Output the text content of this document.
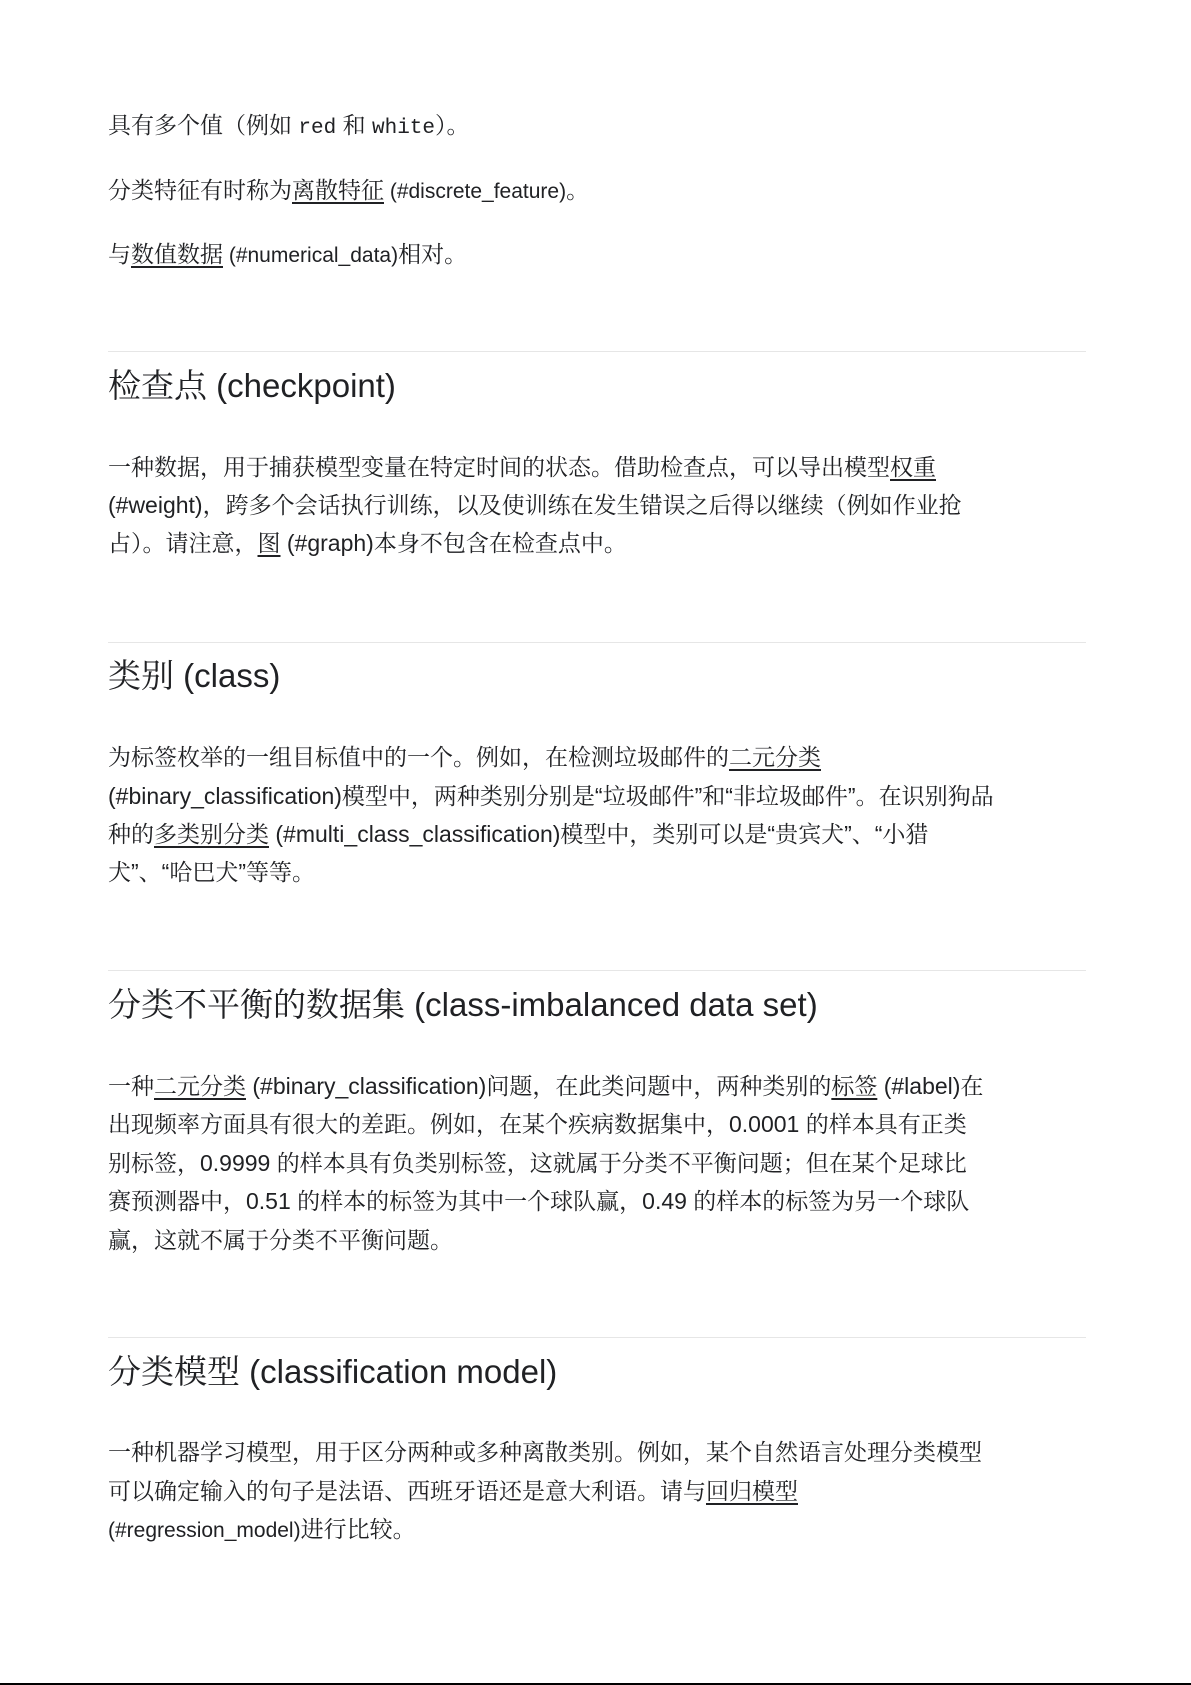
具有多个值（例如 red 和 white）。

分类特征有时称为离散特征 (#discrete_feature)。

与数值数据 (#numerical_data)相对。

检查点 (checkpoint)

一种数据，用于捕获模型变量在特定时间的状态。借助检查点，可以导出模型权重

(#weight)，跨多个会话执行训练，以及使训练在发生错误之后得以继续（例如作业抢

占）。请注意，图 (#graph)本身不包含在检查点中。

类别 (class)

为标签枚举的一组目标值中的一个。例如，在检测垃圾邮件的二元分类

(#binary_classification)模型中，两种类别分别是“垃圾邮件”和“非垃圾邮件”。在识别狗品

种的多类别分类 (#multi_class_classification)模型中，类别可以是“贵宾犬”、“小猎

犬”、“哈巴犬”等等。

分类不平衡的数据集 (class-imbalanced data set)

一种二元分类 (#binary_classification)问题，在此类问题中，两种类别的标签 (#label)在

出现频率方面具有很大的差距。例如，在某个疾病数据集中，0.0001 的样本具有正类

别标签，0.9999 的样本具有负类别标签，这就属于分类不平衡问题；但在某个足球比

赛预测器中，0.51 的样本的标签为其中一个球队赢，0.49 的样本的标签为另一个球队

赢，这就不属于分类不平衡问题。

分类模型 (classification model)

一种机器学习模型，用于区分两种或多种离散类别。例如，某个自然语言处理分类模型

可以确定输入的句子是法语、西班牙语还是意大利语。请与回归模型

(#regression_model)进行比较。
